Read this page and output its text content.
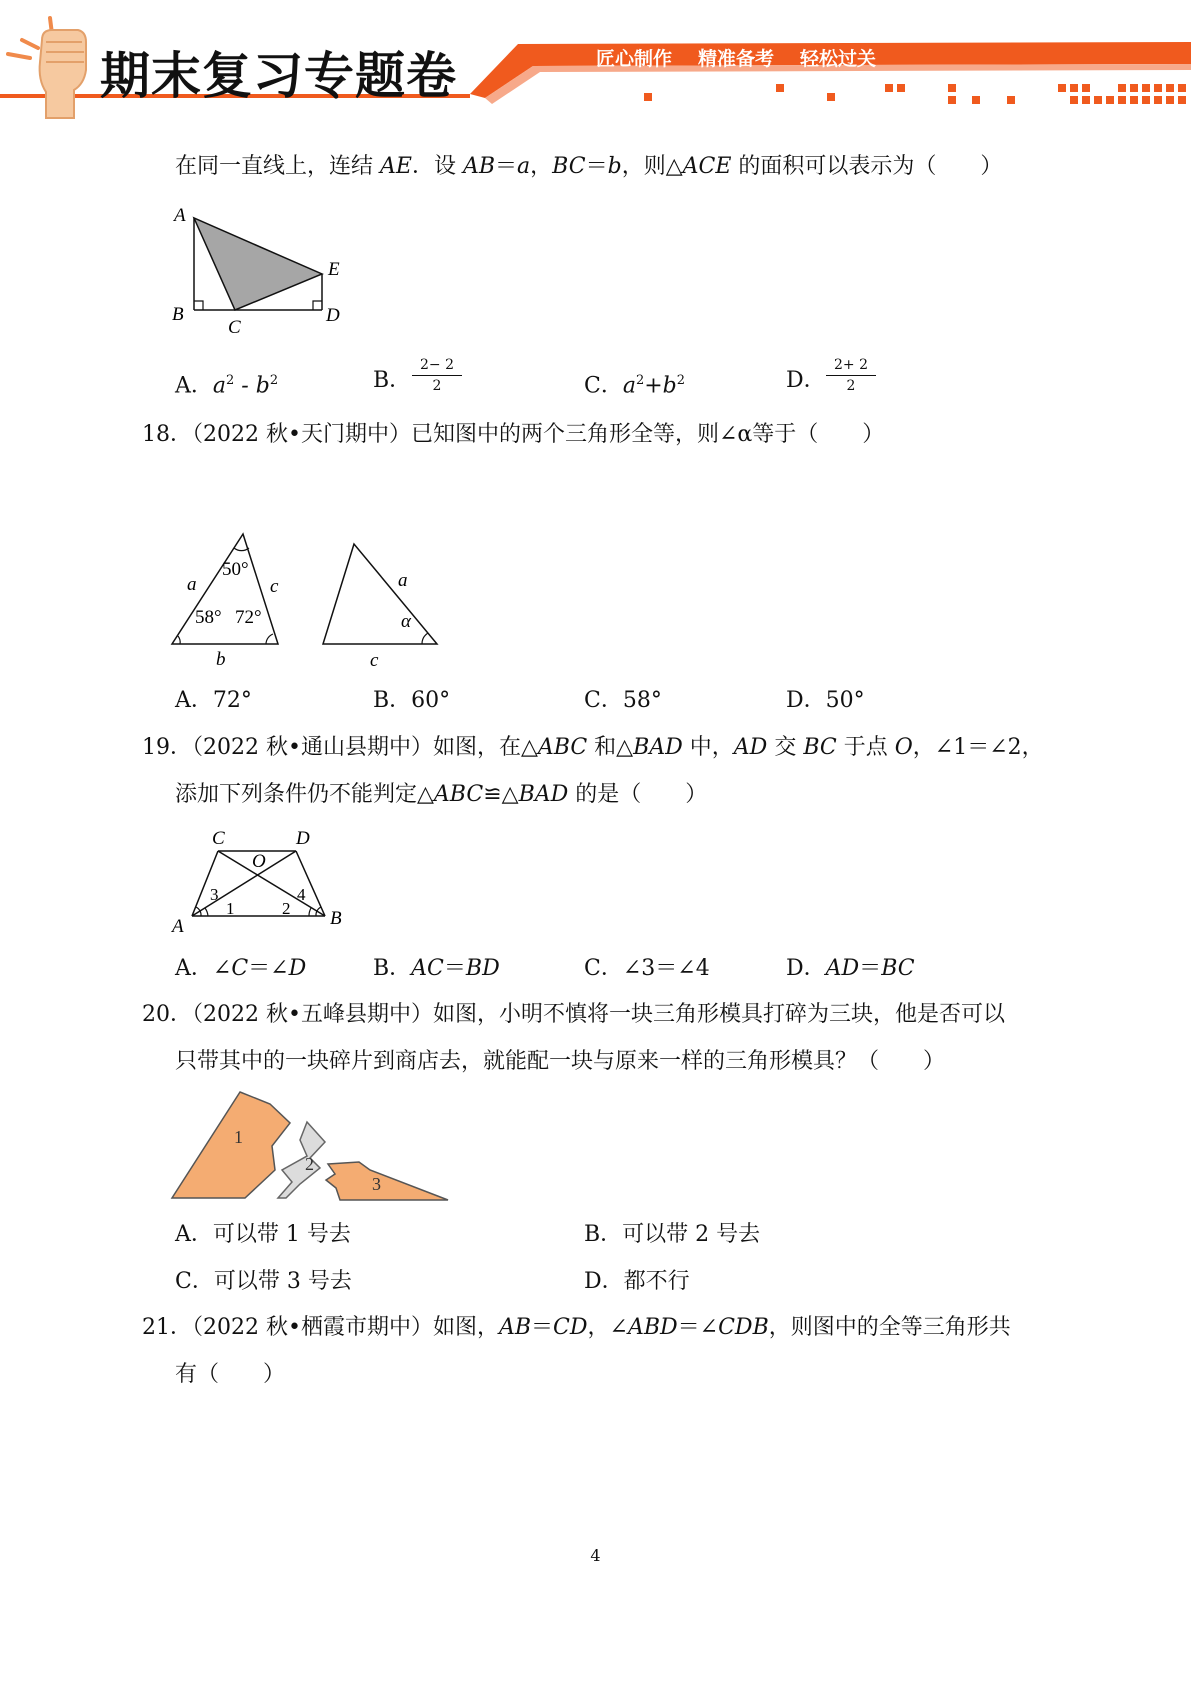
期末复习专题卷	匠心制作 精准备考 轻松过关
在同一直线上，连结 AE．设 AB＝a，BC＝b，则△ACE 的面积可以表示为（　　）
A
B
C
D
E
A．$a^2 - b^2$	B． $\frac{2- 2}{2}$	C．$a^2+b^2$	D． $\frac{2+ 2}{2}$
18．（2022 秋•天门期中）已知图中的两个三角形全等，则∠α等于（　　）
50°
58° 72°
a	c
b
a
α
c
A．72°	B．60°	C．58°	D．50°
19．（2022 秋•通山县期中）如图，在△ABC 和△BAD 中，AD 交 BC 于点 O，∠1＝∠2，
添加下列条件仍不能判定△ABC≌△BAD 的是（　　）
C	D
O
A	B
3
1	2
4
A．∠C＝∠D	B．AC＝BD	C．∠3＝∠4	D．AD＝BC
20．（2022 秋•五峰县期中）如图，小明不慎将一块三角形模具打碎为三块，他是否可以
只带其中的一块碎片到商店去，就能配一块与原来一样的三角形模具？（　　）
1
2
3
A．可以带 1 号去	B．可以带 2 号去
C．可以带 3 号去	D．都不行
21．（2022 秋•栖霞市期中）如图，AB＝CD，∠ABD＝∠CDB，则图中的全等三角形共
有（　　）
4
